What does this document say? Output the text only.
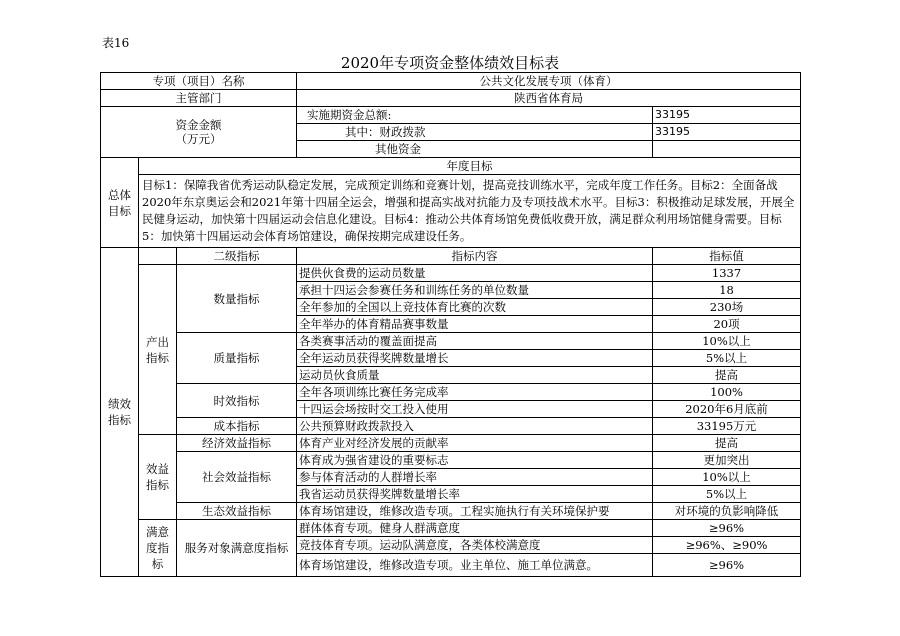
表16
2020年专项资金整体绩效目标表
专项（项目）名称			公共文化发展专项（体育）	
主管部门			陕西省体育局	

资金金额
（万元）			实施期资金总额:	33195
			其中：财政拨款	33195
			其他资金	
总体目标	年度目标			
	目标1：保障我省优秀运动队稳定发展，完成预定训练和竞赛计划，提高竞技训练水平，完成年度工作任务。目标2：全面备战2020年东京奥运会和2021年第十四届全运会，增强和提高实战对抗能力及专项技战术水平。目标3：积极推动足球发展，开展全民健身运动，加快第十四届运动会信息化建设。目标4：推动公共体育场馆免费低收费开放，满足群众利用场馆健身需要。目标5：加快第十四届运动会体育场馆建设，确保按期完成建设任务。			
绩效指标		二级指标	指标内容	指标值
	产出指标	数量指标	提供伙食费的运动员数量	1337
			承担十四运会参赛任务和训练任务的单位数量	18
			全年参加的全国以上竞技体育比赛的次数	230场
			全年举办的体育精品赛事数量	20项
		质量指标	各类赛事活动的覆盖面提高	10%以上
			全年运动员获得奖牌数量增长	5%以上
			运动员伙食质量	提高
		时效指标	全年各项训练比赛任务完成率	100%
			十四运会场按时交工投入使用	2020年6月底前
		成本指标	公共预算财政拨款投入	33195万元
	效益指标	经济效益指标	体育产业对经济发展的贡献率	提高
		社会效益指标	体育成为强省建设的重要标志	更加突出
			参与体育活动的人群增长率	10%以上
			我省运动员获得奖牌数量增长率	5%以上
		生态效益指标	体育场馆建设，维修改造专项。工程实施执行有关环境保护要	对环境的负影响降低
	满意度指标	服务对象满意度指标	群体体育专项。健身人群满意度	≥96%
			竞技体育专项。运动队满意度，各类体校满意度	≥96%、≥90%
			体育场馆建设，维修改造专项。业主单位、施工单位满意。	≥96%
